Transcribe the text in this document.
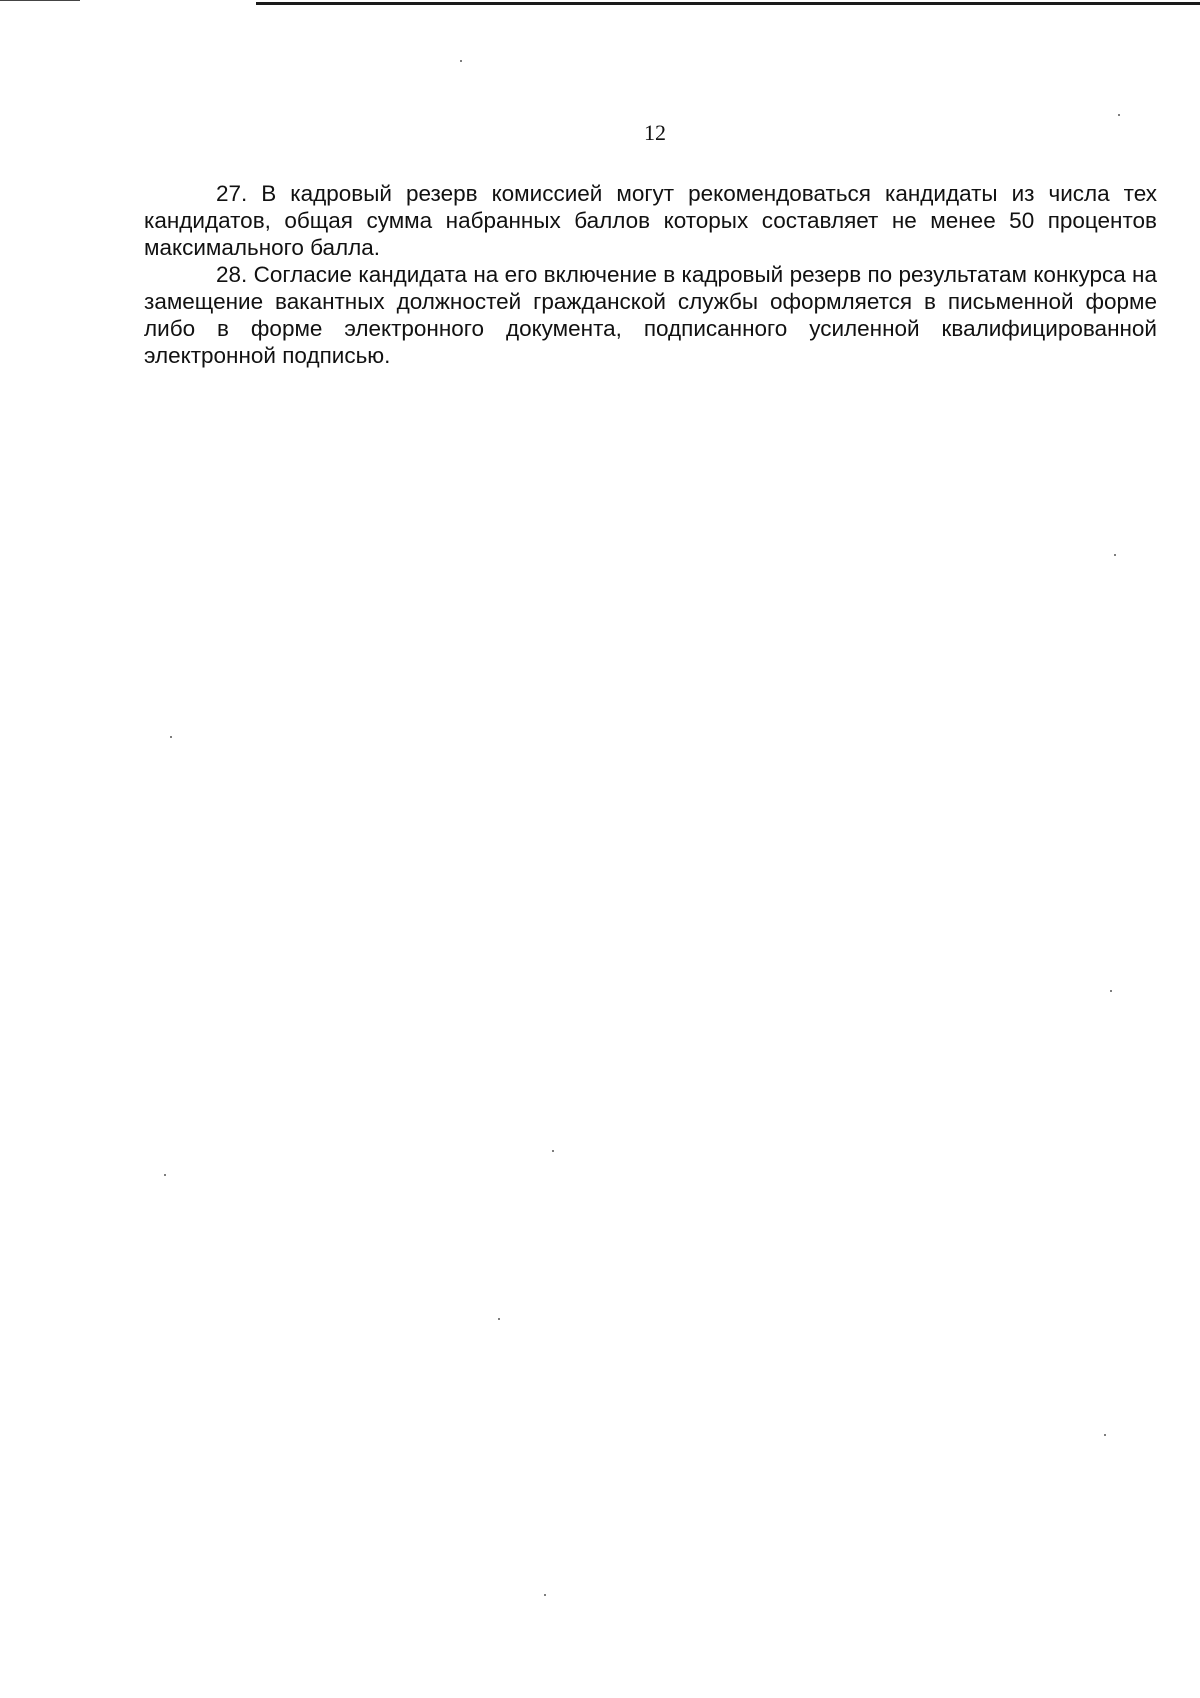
12

27. В кадровый резерв комиссией могут рекомендоваться кандидаты из числа тех кандидатов, общая сумма набранных баллов которых составляет не менее 50 процентов максимального балла.

28. Согласие кандидата на его включение в кадровый резерв по результатам конкурса на замещение вакантных должностей гражданской службы оформляется в письменной форме либо в форме электронного документа, подписанного усиленной квалифицированной электронной подписью.
